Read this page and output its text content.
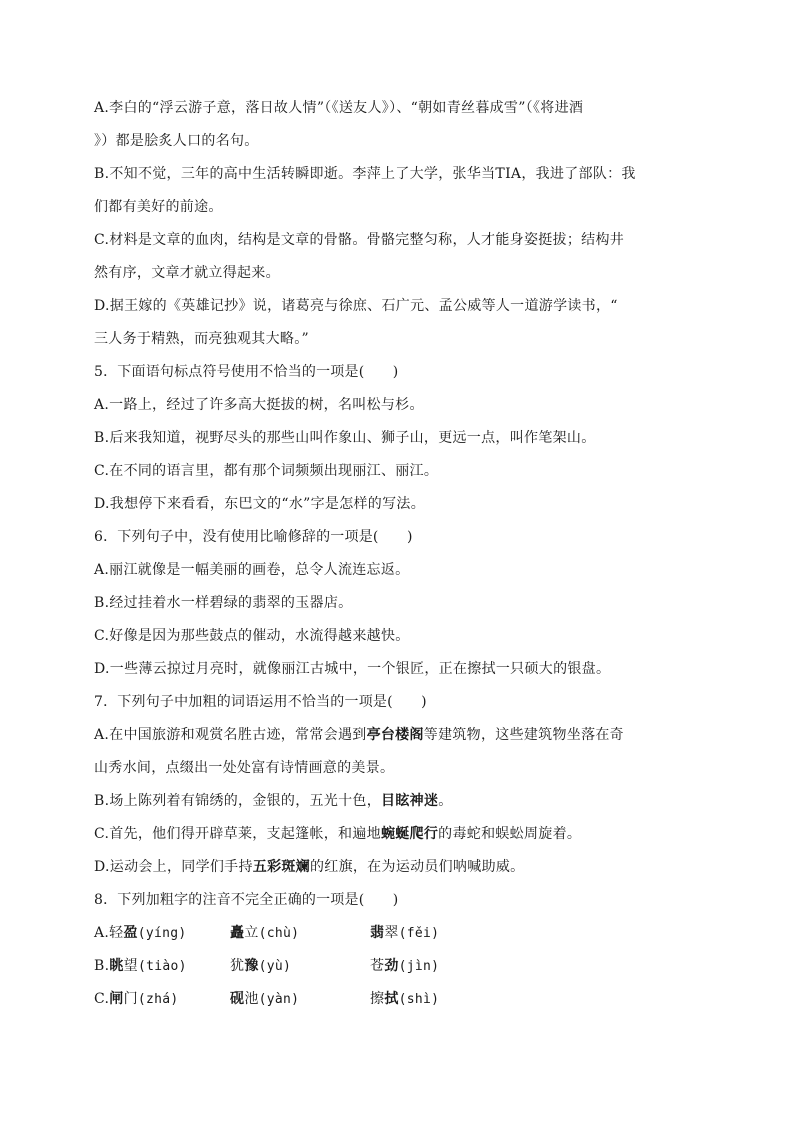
A.李白的“浮云游子意，落日故人情”（《送友人》）、“朝如青丝暮成雪”（《将进酒
》）都是脍炙人口的名句。
B.不知不觉，三年的高中生活转瞬即逝。李萍上了大学，张华当TIA，我进了部队：我
们都有美好的前途。
C.材料是文章的血肉，结构是文章的骨骼。骨骼完整匀称，人才能身姿挺拔；结构井
然有序，文章才就立得起来。
D.据王嫁的《英雄记抄》说，诸葛亮与徐庶、石广元、孟公威等人一道游学读书，“
三人务于精熟，而亮独观其大略。”
5．下面语句标点符号使用不恰当的一项是(　　)
A.一路上，经过了许多高大挺拔的树，名叫松与杉。
B.后来我知道，视野尽头的那些山叫作象山、狮子山，更远一点，叫作笔架山。
C.在不同的语言里，都有那个词频频出现丽江、丽江。
D.我想停下来看看，东巴文的“水”字是怎样的写法。
6．下列句子中，没有使用比喻修辞的一项是(　　)
A.丽江就像是一幅美丽的画卷，总令人流连忘返。
B.经过挂着水一样碧绿的翡翠的玉器店。
C.好像是因为那些鼓点的催动，水流得越来越快。
D.一些薄云掠过月亮时，就像丽江古城中，一个银匠，正在擦拭一只硕大的银盘。
7．下列句子中加粗的词语运用不恰当的一项是(　　)
A.在中国旅游和观赏名胜古迹，常常会遇到亭台楼阁等建筑物，这些建筑物坐落在奇
山秀水间，点缀出一处处富有诗情画意的美景。
B.场上陈列着有锦绣的，金银的，五光十色，目眩神迷。
C.首先，他们得开辟草莱，支起篷帐，和遍地蜿蜒爬行的毒蛇和蜈蚣周旋着。
D.运动会上，同学们手持五彩斑斓的红旗，在为运动员们呐喊助威。
8．下列加粗字的注音不完全正确的一项是(　　)
A.轻盈(yíng)	矗立(chù)	翡翠(fěi)
B.眺望(tiào)	犹豫(yù)	苍劲(jìn)
C.闸门(zhá)	砚池(yàn)	擦拭(shì)
